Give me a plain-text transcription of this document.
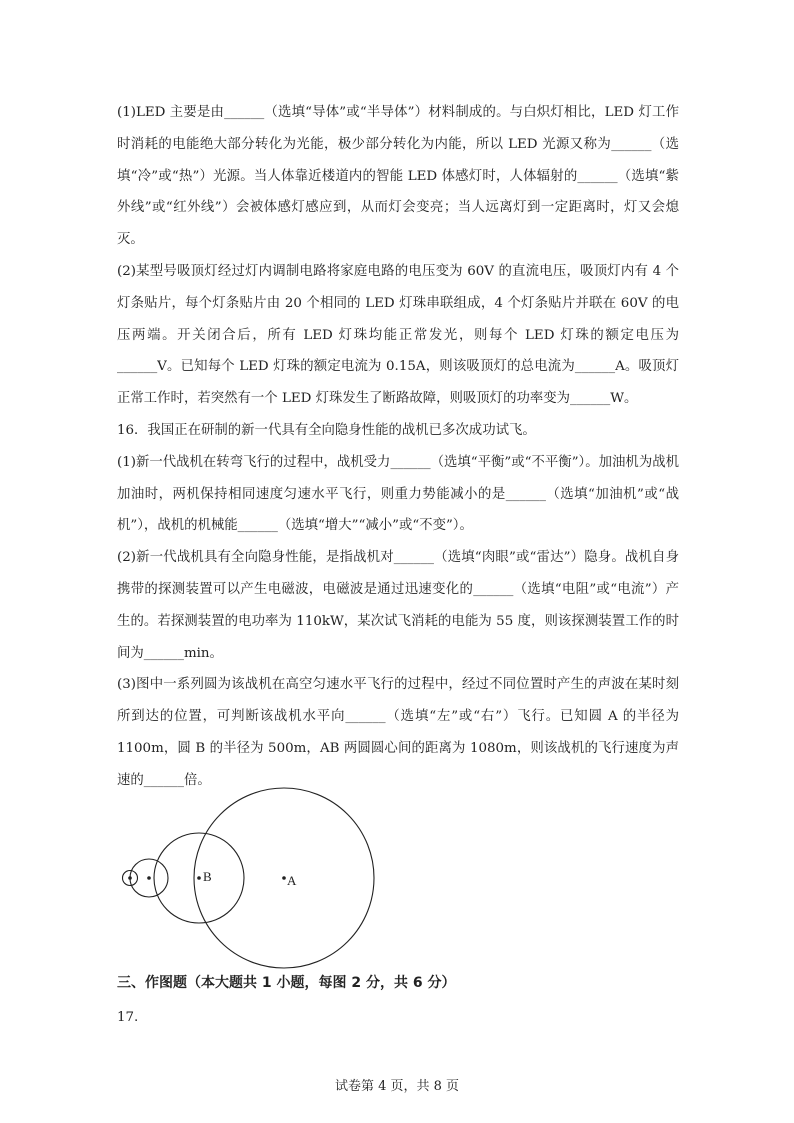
(1)LED 主要是由______（选填“导体”或“半导体”）材料制成的。与白炽灯相比，LED 灯工作时消耗的电能绝大部分转化为光能，极少部分转化为内能，所以 LED 光源又称为______（选填“冷”或“热”）光源。当人体靠近楼道内的智能 LED 体感灯时，人体辐射的______（选填“紫外线”或“红外线”）会被体感灯感应到，从而灯会变亮；当人远离灯到一定距离时，灯又会熄灭。

(2)某型号吸顶灯经过灯内调制电路将家庭电路的电压变为 60V 的直流电压，吸顶灯内有 4 个灯条贴片，每个灯条贴片由 20 个相同的 LED 灯珠串联组成，4 个灯条贴片并联在 60V 的电压两端。开关闭合后，所有 LED 灯珠均能正常发光，则每个 LED 灯珠的额定电压为______V。已知每个 LED 灯珠的额定电流为 0.15A，则该吸顶灯的总电流为______A。吸顶灯正常工作时，若突然有一个 LED 灯珠发生了断路故障，则吸顶灯的功率变为______W。

16．我国正在研制的新一代具有全向隐身性能的战机已多次成功试飞。

(1)新一代战机在转弯飞行的过程中，战机受力______（选填“平衡”或“不平衡”）。加油机为战机加油时，两机保持相同速度匀速水平飞行，则重力势能减小的是______（选填“加油机”或“战机”），战机的机械能______（选填“增大”“减小”或“不变”）。

(2)新一代战机具有全向隐身性能，是指战机对______（选填“肉眼”或“雷达”）隐身。战机自身携带的探测装置可以产生电磁波，电磁波是通过迅速变化的______（选填“电阻”或“电流”）产生的。若探测装置的电功率为 110kW，某次试飞消耗的电能为 55 度，则该探测装置工作的时间为______min。

(3)图中一系列圆为该战机在高空匀速水平飞行的过程中，经过不同位置时产生的声波在某时刻所到达的位置，可判断该战机水平向______（选填“左”或“右”）飞行。已知圆 A 的半径为 1100m，圆 B 的半径为 500m，AB 两圆圆心间的距离为 1080m，则该战机的飞行速度为声速的______倍。

B	A
三、作图题（本大题共 1 小题，每图 2 分，共 6 分）
17.
试卷第 4 页，共 8 页
